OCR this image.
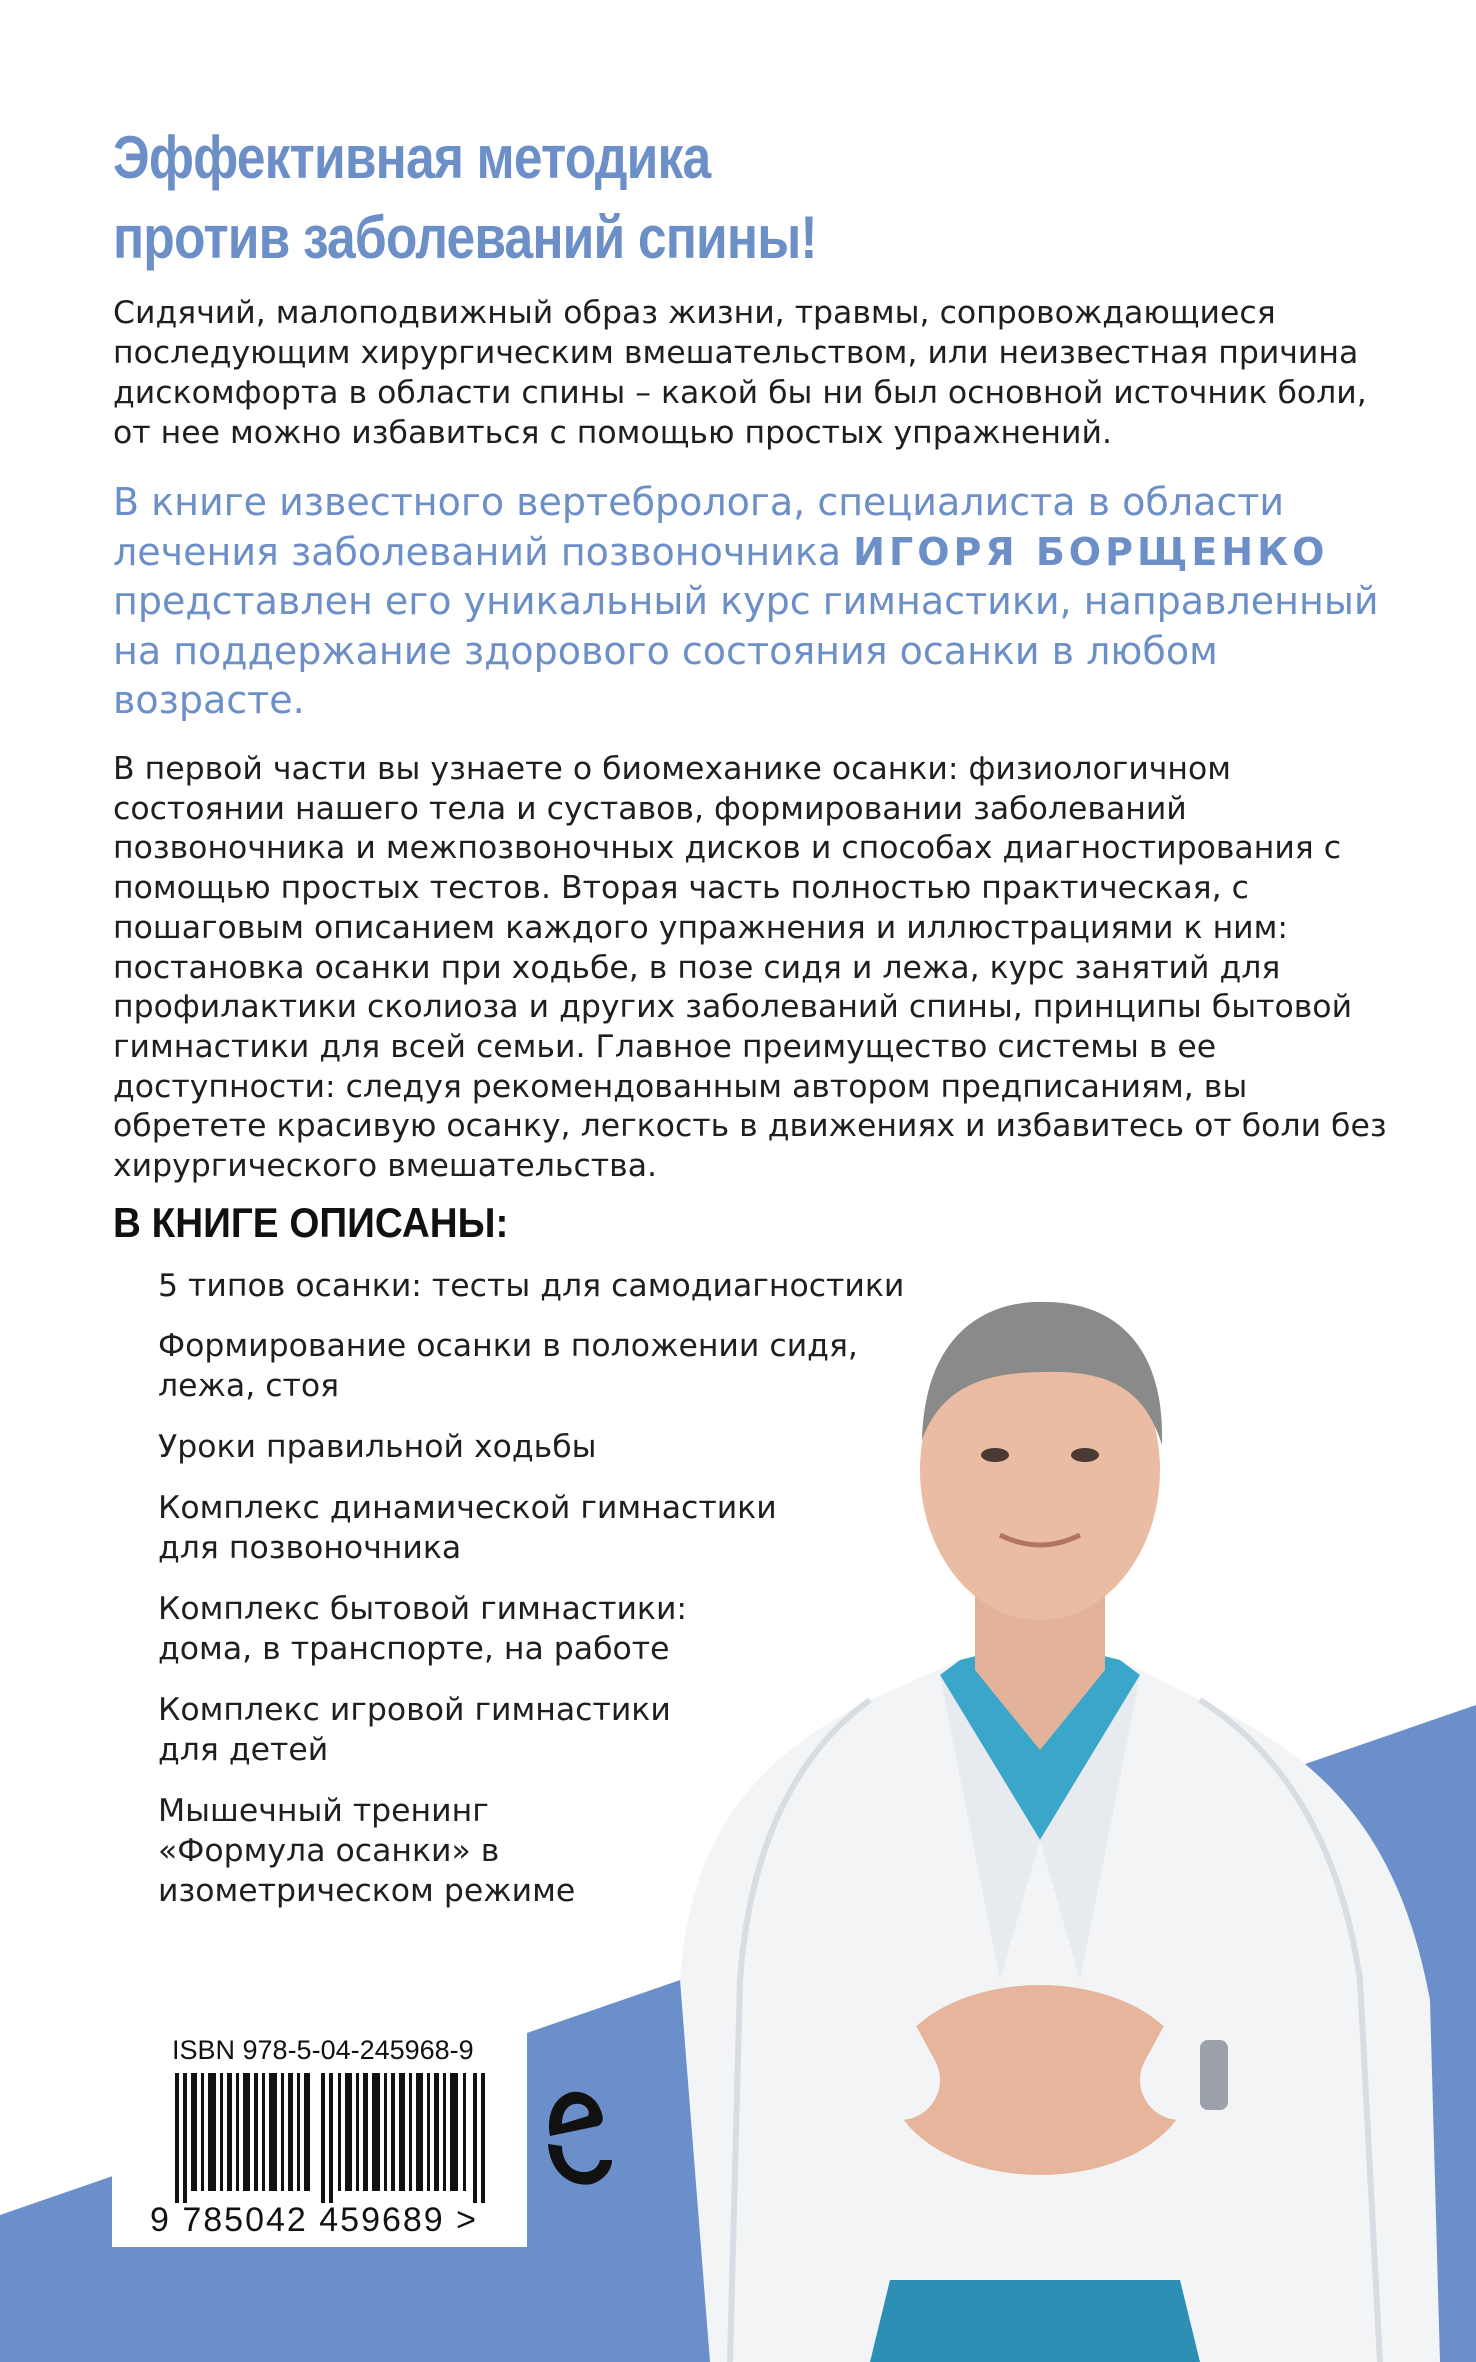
Эффективная методика
против заболеваний спины!

Сидячий, малоподвижный образ жизни, травмы, сопровождающиеся последующим хирургическим вмешательством, или неизвестная причина дискомфорта в области спины – какой бы ни был основной источник боли, от нее можно избавиться с помощью простых упражнений.

В книге известного вертебролога, специалиста в области лечения заболеваний позвоночника ИГОРЯ БОРЩЕНКО представлен его уникальный курс гимнастики, направленный на поддержание здорового состояния осанки в любом возрасте.

В первой части вы узнаете о биомеханике осанки: физиологичном состоянии нашего тела и суставов, формировании заболеваний позвоночника и межпозвоночных дисков и способах диагностирования с помощью простых тестов. Вторая часть полностью практическая, с пошаговым описанием каждого упражнения и иллюстрациями к ним: постановка осанки при ходьбе, в позе сидя и лежа, курс занятий для профилактики сколиоза и других заболеваний спины, принципы бытовой гимнастики для всей семьи. Главное преимущество системы в ее доступности: следуя рекомендованным автором предписаниям, вы обретете красивую осанку, легкость в движениях и избавитесь от боли без хирургического вмешательства.

В КНИГЕ ОПИСАНЫ:
5 типов осанки: тесты для самодиагностики
Формирование осанки в положении сидя, лежа, стоя
Уроки правильной ходьбы
Комплекс динамической гимнастики для позвоночника
Комплекс бытовой гимнастики: дома, в транспорте, на работе
Комплекс игровой гимнастики для детей
Мышечный тренинг «Формула осанки» в изометрическом режиме
ISBN 978-5-04-245968-9
9 785042 459689 >
